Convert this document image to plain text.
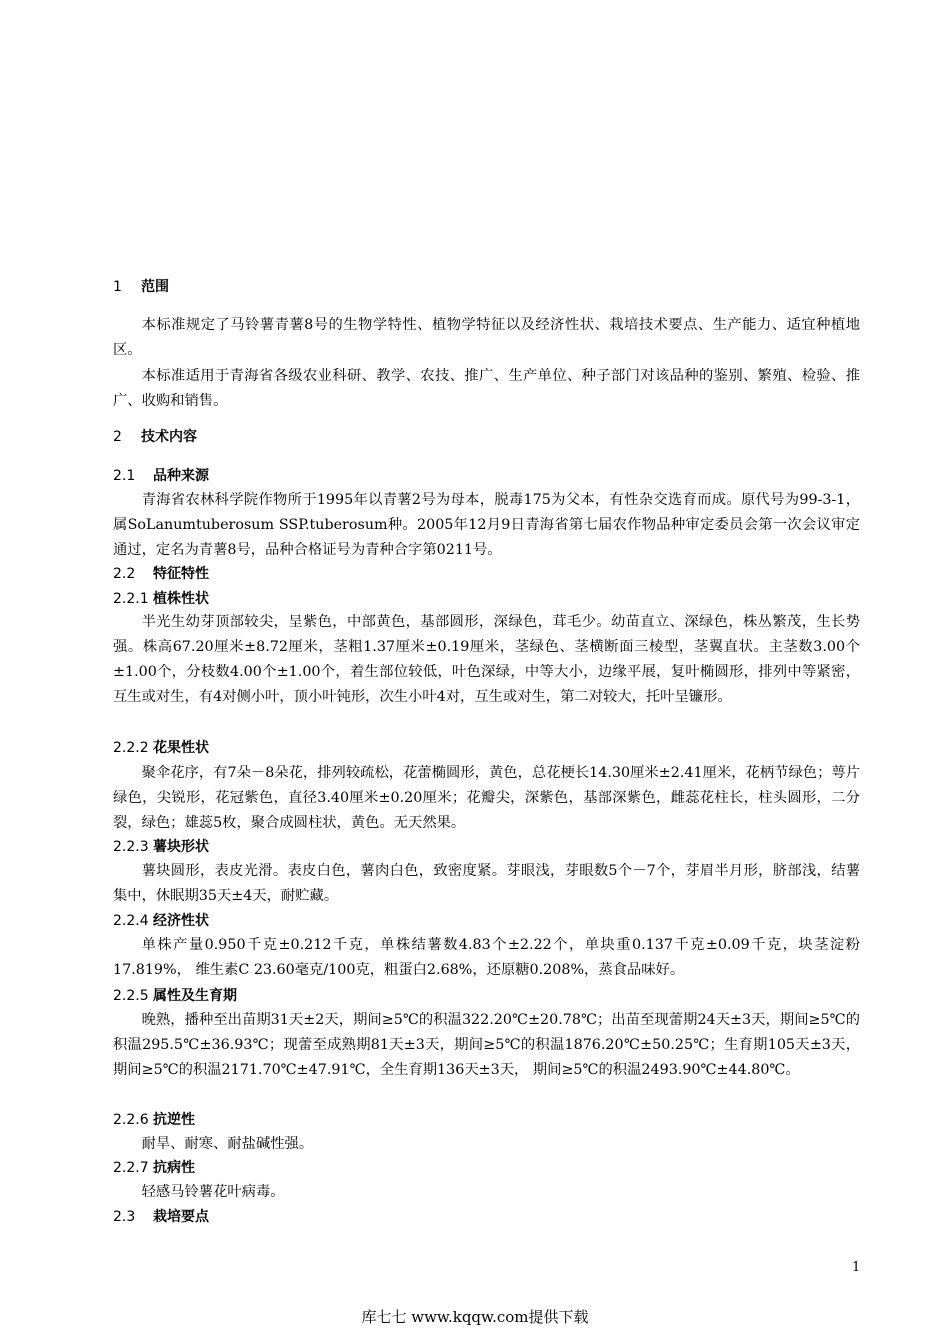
1 范围

本标准规定了马铃薯青薯8号的生物学特性、植物学特征以及经济性状、栽培技术要点、生产能力、适宜种植地区。

本标准适用于青海省各级农业科研、教学、农技、推广、生产单位、种子部门对该品种的鉴别、繁殖、检验、推广、收购和销售。

2 技术内容
2.1 品种来源

青海省农林科学院作物所于1995年以青薯2号为母本，脱毒175为父本，有性杂交选育而成。原代号为99-3-1，属SoLanumtuberosum SSP.tuberosum种。2005年12月9日青海省第七届农作物品种审定委员会第一次会议审定通过，定名为青薯8号，品种合格证号为青种合字第0211号。

2.2 特征特性
2.2.1 植株性状

半光生幼芽顶部较尖，呈紫色，中部黄色，基部圆形，深绿色，茸毛少。幼苗直立、深绿色，株丛繁茂，生长势强。株高67.20厘米±8.72厘米，茎粗1.37厘米±0.19厘米，茎绿色、茎横断面三棱型，茎翼直状。主茎数3.00个±1.00个，分枝数4.00个±1.00个，着生部位较低，叶色深绿，中等大小，边缘平展，复叶椭圆形，排列中等紧密，互生或对生，有4对侧小叶，顶小叶钝形，次生小叶4对，互生或对生，第二对较大，托叶呈镰形。

2.2.2 花果性状

聚伞花序，有7朵－8朵花，排列较疏松，花蕾椭圆形，黄色，总花梗长14.30厘米±2.41厘米，花柄节绿色；萼片绿色，尖锐形，花冠紫色，直径3.40厘米±0.20厘米；花瓣尖，深紫色，基部深紫色，雌蕊花柱长，柱头圆形，二分裂，绿色；雄蕊5枚，聚合成圆柱状，黄色。无天然果。

2.2.3 薯块形状

薯块圆形，表皮光滑。表皮白色，薯肉白色，致密度紧。芽眼浅，芽眼数5个－7个，芽眉半月形，脐部浅，结薯集中，休眠期35天±4天，耐贮藏。

2.2.4 经济性状

单株产量0.950千克±0.212千克，单株结薯数4.83个±2.22个，单块重0.137千克±0.09千克，块茎淀粉17.819%， 维生素C 23.60毫克/100克，粗蛋白2.68%，还原糖0.208%，蒸食品味好。

2.2.5 属性及生育期

晚熟，播种至出苗期31天±2天，期间≥5℃的积温322.20℃±20.78℃；出苗至现蕾期24天±3天，期间≥5℃的积温295.5℃±36.93℃；现蕾至成熟期81天±3天，期间≥5℃的积温1876.20℃±50.25℃；生育期105天±3天，期间≥5℃的积温2171.70℃±47.91℃，全生育期136天±3天， 期间≥5℃的积温2493.90℃±44.80℃。

2.2.6 抗逆性

耐旱、耐寒、耐盐碱性强。

2.2.7 抗病性

轻感马铃薯花叶病毒。

2.3 栽培要点
1
库七七 www.kqqw.com提供下载
